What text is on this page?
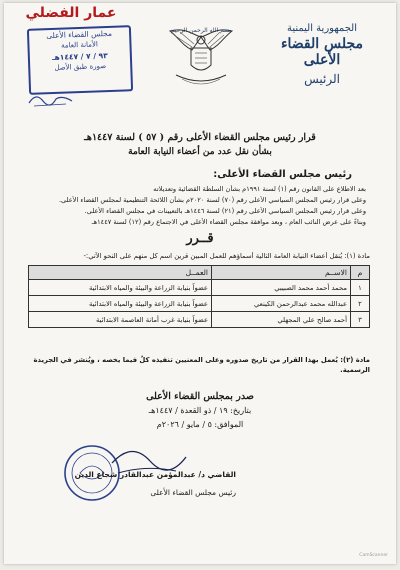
الجمهورية اليمنية
مجلس القضاء الأعلى
الرئيس
بسم الله الرحمن الرحيم
عمار الفضلي
مجلس القضاء الأعلى
الأمانة العامة
٩٣ / ٧ / ١٤٤٧هـ
صورة طبق الأصل
قرار رئيس مجلس القضاء الأعلى رقم ( ٥٧ ) لسنة ١٤٤٧هـ
بشأن نقل عدد من أعضاء النيابة العامة
رئيس مجلس القضاء الأعلى:
بعد الاطلاع على القانون رقم (١) لسنة ١٩٩١م بشأن السلطة القضائية وتعديلاته
وعلى قرار رئيس المجلس السياسي الأعلى رقم (٧٠) لسنة ٢٠٢٠م بشأن اللائحة التنظيمية لمجلس القضاء الأعلى.
وعلى قرار رئيس المجلس السياسي الأعلى رقم (٢١) لسنة ١٤٤٦هـ بالتعيينات في مجلس القضاء الأعلى.
وبناءً على عرض النائب العام ، وبعد موافقة مجلس القضاء الأعلى في الاجتماع رقم (١٢) لسنة ١٤٤٧هـ
قــرر
مادة (١): يُنقل أعضاء النيابة العامة التالية أسماؤهم للعمل المبين قرين اسم كل منهم على النحو الآتي:-
م	الاســم	العمــل
١	محمد أحمد محمد الصبيبي	عضواً بنيابة الزراعة والبيئة والمياه الابتدائية
٢	عبدالله محمد عبدالرحمن الكينعي	عضواً بنيابة الزراعة والبيئة والمياه الابتدائية
٣	أحمد صالح علي المجهلي	عضواً بنيابة غرب أمانة العاصمة الابتدائية
مادة (٢): يُعمل بهذا القرار من تاريخ صدوره وعلى المعنيين تنفيذه كلٌ فيما يخصه ، ويُنشر في الجريدة الرسمية.
صدر بمجلس القضاء الأعلى
بتاريخ: ١٩ / ذو القعدة / ١٤٤٧هـ
الموافق: ٥ / مايو / ٢٠٢٦م
القاضي د/ عبدالمؤمن عبدالقادر شجاع الدين
رئيس مجلس القضاء الأعلى
CamScanner
